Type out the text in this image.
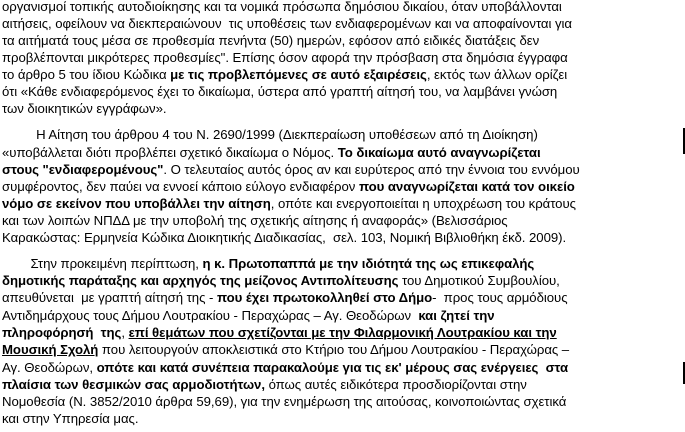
οργανισμοί τοπικής αυτοδιοίκησης και τα νομικά πρόσωπα δημόσιου δικαίου, όταν υποβάλλονται
αιτήσεις, οφείλουν να διεκπεραιώνουν  τις υποθέσεις των ενδιαφερομένων και να αποφαίνονται για
τα αιτήματά τους μέσα σε προθεσμία πενήντα (50) ημερών, εφόσον από ειδικές διατάξεις δεν
προβλέπονται μικρότερες προθεσμίες". Επίσης όσον αφορά την πρόσβαση στα δημόσια έγγραφα
το άρθρο 5 του ίδιου Κώδικα με τις προβλεπόμενες σε αυτό εξαιρέσεις, εκτός των άλλων ορίζει
ότι «Κάθε ενδιαφερόμενος έχει το δικαίωμα, ύστερα από γραπτή αίτησή του, να λαμβάνει γνώση
των διοικητικών εγγράφων».
Η Αίτηση του άρθρου 4 του Ν. 2690/1999 (Διεκπεραίωση υποθέσεων από τη Διοίκηση)
«υποβάλλεται διότι προβλέπει σχετικό δικαίωμα ο Νόμος. Το δικαίωμα αυτό αναγνωρίζεται
στους "ενδιαφερομένους". Ο τελευταίος αυτός όρος αν και ευρύτερος από την έννοια του εννόμου
συμφέροντος, δεν παύει να εννοεί κάποιο εύλογο ενδιαφέρον που αναγνωρίζεται κατά τον οικείο
νόμο σε εκείνον που υποβάλλει την αίτηση, οπότε και ενεργοποιείται η υποχρέωση του κράτους
και των λοιπών ΝΠΔΔ με την υποβολή της σχετικής αίτησης ή αναφοράς» (Βελισσάριος
Καρακώστας: Ερμηνεία Κώδικα Διοικητικής Διαδικασίας,  σελ. 103, Νομική Βιβλιοθήκη έκδ. 2009).
Στην προκειμένη περίπτωση, η κ. Πρωτοπαππά με την ιδιότητά της ως επικεφαλής
δημοτικής παράταξης και αρχηγός της μείζονος Αντιπολίτευσης του Δημοτικού Συμβουλίου,
απευθύνεται  με γραπτή αίτησή της - που έχει πρωτοκολληθεί στο Δήμο-  προς τους αρμόδιους
Αντιδημάρχους τους Δήμου Λουτρακίου - Περαχώρας – Αγ. Θεοδώρων  και ζητεί την
πληροφόρησή  της, επί θεμάτων που σχετίζονται με την Φιλαρμονική Λουτρακίου και την
Μουσική Σχολή που λειτουργούν αποκλειστικά στο Κτήριο του Δήμου Λουτρακίου - Περαχώρας –
Αγ. Θεοδώρων, οπότε και κατά συνέπεια παρακαλούμε για τις εκ' μέρους σας ενέργειες  στα
πλαίσια των θεσμικών σας αρμοδιοτήτων, όπως αυτές ειδικότερα προσδιορίζονται στην
Νομοθεσία (Ν. 3852/2010 άρθρα 59,69), για την ενημέρωση της αιτούσας, κοινοποιώντας σχετικά
και στην Υπηρεσία μας.
